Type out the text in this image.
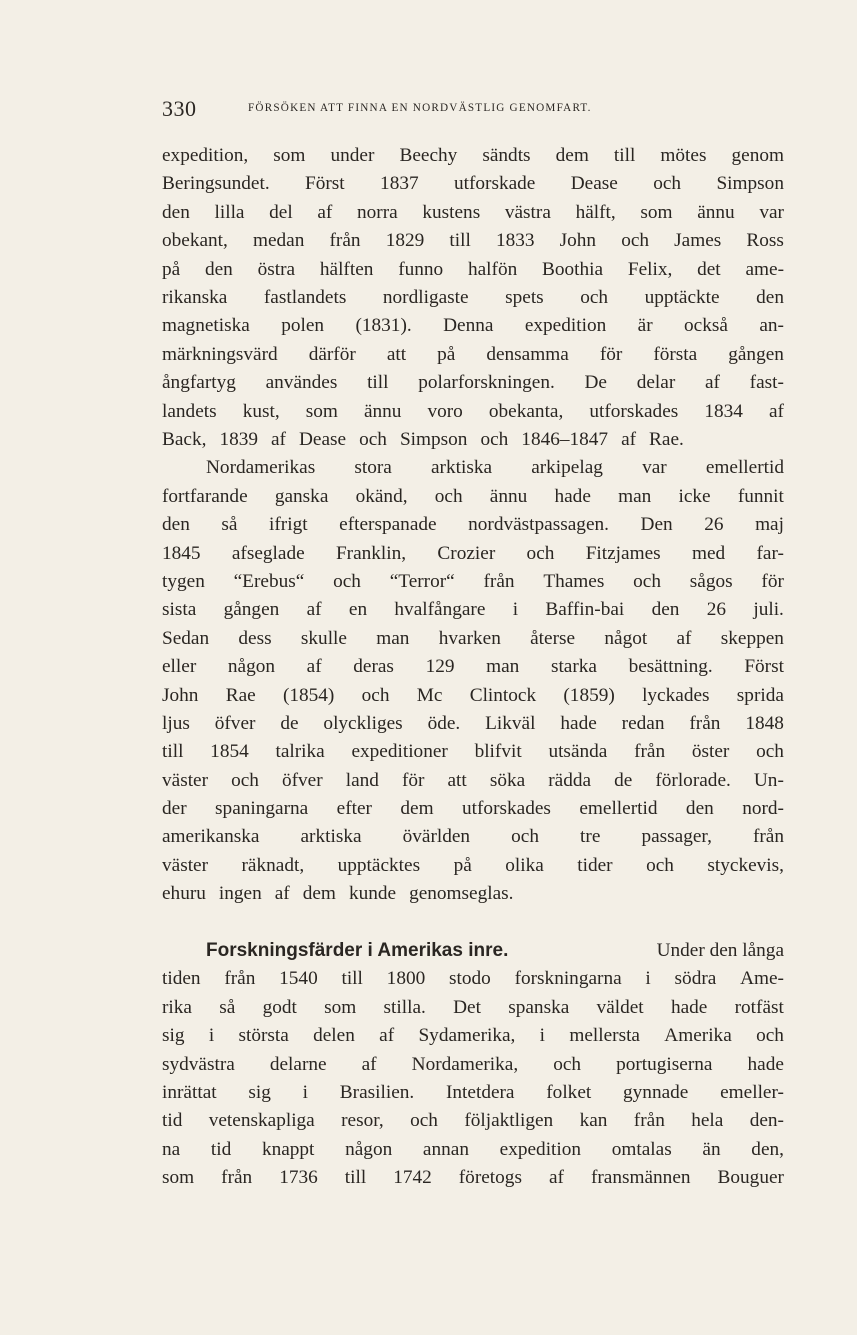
330	FÖRSÖKEN ATT FINNA EN NORDVÄSTLIG GENOMFART.
expedition, som under Beechy sändts dem till mötes genom
Beringsundet. Först 1837 utforskade Dease och Simpson
den lilla del af norra kustens västra hälft, som ännu var
obekant, medan från 1829 till 1833 John och James Ross
på den östra hälften funno halfön Boothia Felix, det ame-
rikanska fastlandets nordligaste spets och upptäckte den
magnetiska polen (1831). Denna expedition är också an-
märkningsvärd därför att på densamma för första gången
ångfartyg användes till polarforskningen. De delar af fast-
landets kust, som ännu voro obekanta, utforskades 1834 af
Back, 1839 af Dease och Simpson och 1846–1847 af Rae.
Nordamerikas stora arktiska arkipelag var emellertid
fortfarande ganska okänd, och ännu hade man icke funnit
den så ifrigt efterspanade nordvästpassagen. Den 26 maj
1845 afseglade Franklin, Crozier och Fitzjames med far-
tygen “Erebus“ och “Terror“ från Thames och sågos för
sista gången af en hvalfångare i Baffin-bai den 26 juli.
Sedan dess skulle man hvarken återse något af skeppen
eller någon af deras 129 man starka besättning. Först
John Rae (1854) och Mc Clintock (1859) lyckades sprida
ljus öfver de olyckliges öde. Likväl hade redan från 1848
till 1854 talrika expeditioner blifvit utsända från öster och
väster och öfver land för att söka rädda de förlorade. Un-
der spaningarna efter dem utforskades emellertid den nord-
amerikanska arktiska övärlden och tre passager, från
väster räknadt, upptäcktes på olika tider och styckevis,
ehuru ingen af dem kunde genomseglas.
Forskningsfärder i Amerikas inre.	Under den långa
tiden från 1540 till 1800 stodo forskningarna i södra Ame-
rika så godt som stilla. Det spanska väldet hade rotfäst
sig i största delen af Sydamerika, i mellersta Amerika och
sydvästra delarne af Nordamerika, och portugiserna hade
inrättat sig i Brasilien. Intetdera folket gynnade emeller-
tid vetenskapliga resor, och följaktligen kan från hela den-
na tid knappt någon annan expedition omtalas än den,
som från 1736 till 1742 företogs af fransmännen Bouguer
